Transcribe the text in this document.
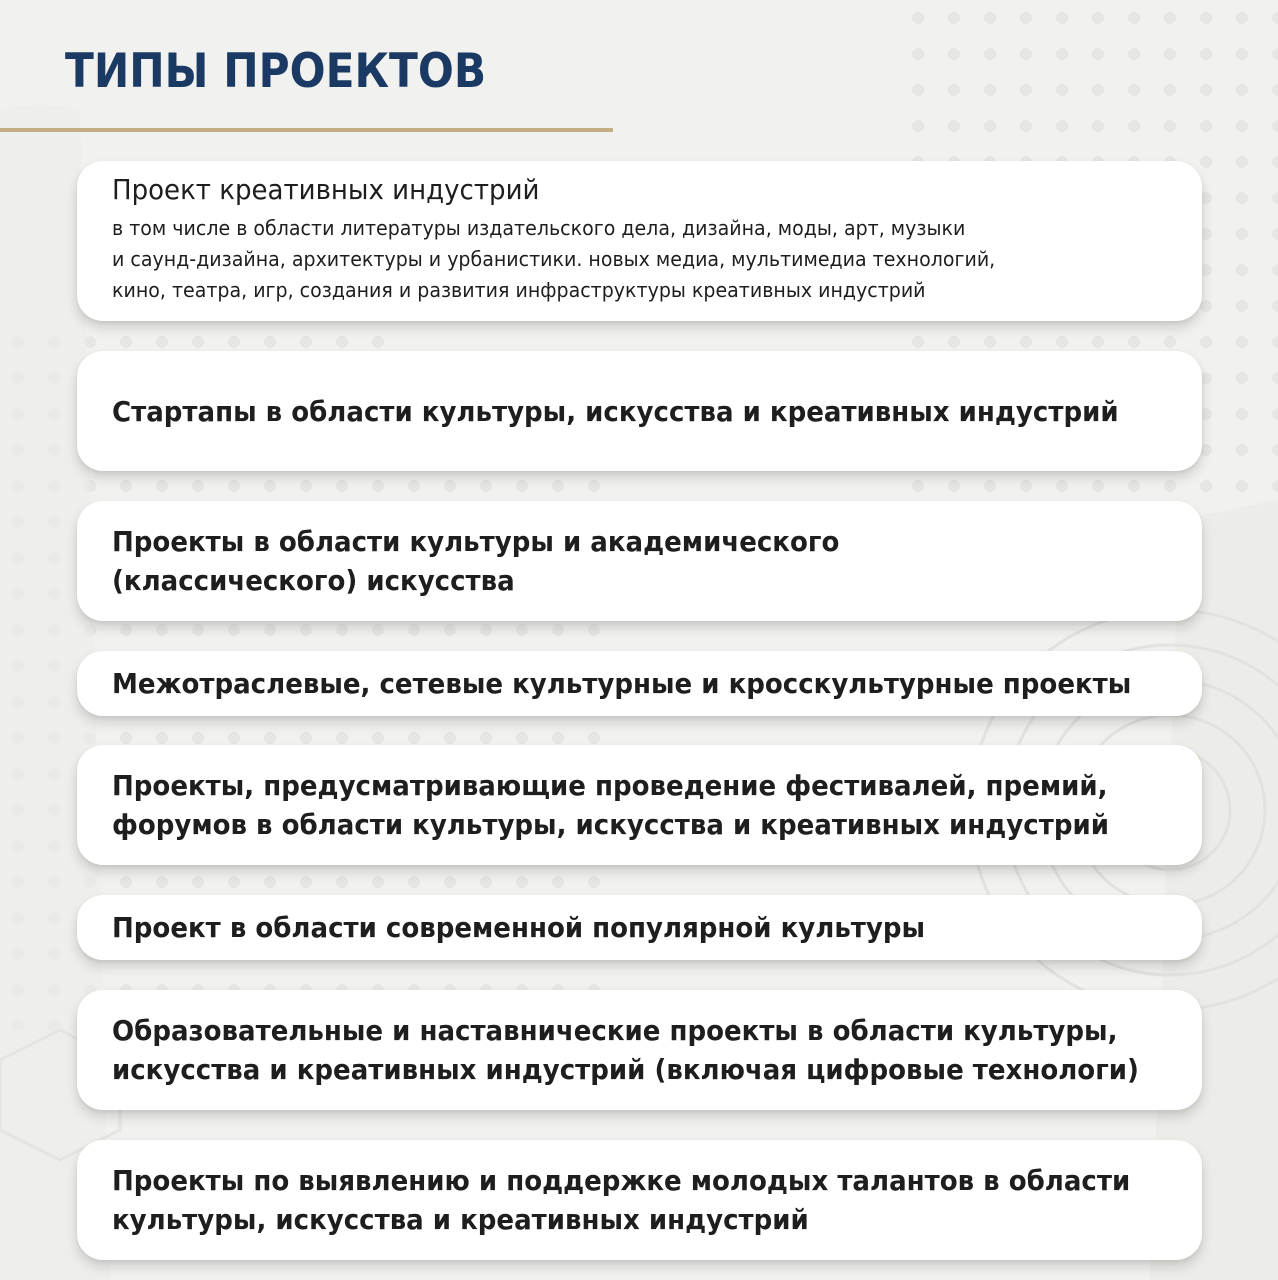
ТИПЫ ПРОЕКТОВ
Проект креативных индустрий
в том числе в области литературы издательского дела, дизайна, моды, арт, музыки
и саунд-дизайна, архитектуры и урбанистики. новых медиа, мультимедиа технологий,
кино, театра, игр, создания и развития инфраструктуры креативных индустрий
Стартапы в области культуры, искусства и креативных индустрий
Проекты в области культуры и академического
(классического) искусства
Межотраслевые, сетевые культурные и кросскультурные проекты
Проекты, предусматривающие проведение фестивалей, премий,
форумов в области культуры, искусства и креативных индустрий
Проект в области современной популярной культуры
Образовательные и наставнические проекты в области культуры,
искусства и креативных индустрий (включая цифровые технологи)
Проекты по выявлению и поддержке молодых талантов в области
культуры, искусства и креативных индустрий
